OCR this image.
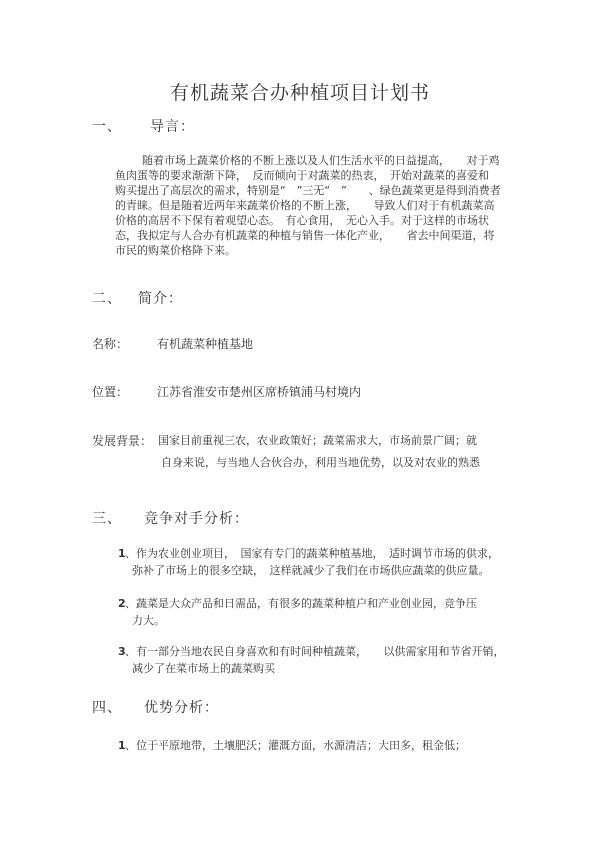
有机蔬菜合办种植项目计划书
一、 导言：
随着市场上蔬菜价格的不断上涨以及人们生活水平的日益提高，　　对于鸡
鱼肉蛋等的要求渐渐下降，　反而倾向于对蔬菜的热衷，　开始对蔬菜的喜爱和
购买提出了高层次的需求，特别是“　”三无“　”　　、绿色蔬菜更是得到消费者
的青睐。但是随着近两年来蔬菜价格的不断上涨，　　导致人们对于有机蔬菜高
价格的高居不下保有着观望心态。　有心食用，　无心入手。对于这样的市场状
态，我拟定与人合办有机蔬菜的种植与销售一体化产业，　　省去中间渠道，将
市民的购菜价格降下来。
二、 简介：
名称： 有机蔬菜种植基地
位置： 江苏省淮安市楚州区席桥镇浦马村境内
发展背景： 国家目前重视三农，农业政策好；蔬菜需求大，市场前景广阔；就
自身来说，与当地人合伙合办，利用当地优势，以及对农业的熟悉
三、 竞争对手分析：
1 、作为农业创业项目，　国家有专门的蔬菜种植基地，　适时调节市场的供求，
弥补了市场上的很多空缺，　这样就减少了我们在市场供应蔬菜的供应量。
2 、蔬菜是大众产品和日需品，有很多的蔬菜种植户和产业创业园，竞争压
力大。
3 、有一部分当地农民自身喜欢和有时间种植蔬菜，　　以供需家用和节省开销，
减少了在菜市场上的蔬菜购买
四、 优势分析：
1 、位于平原地带，土壤肥沃；灌溉方面，水源清洁；大田多，租金低；
